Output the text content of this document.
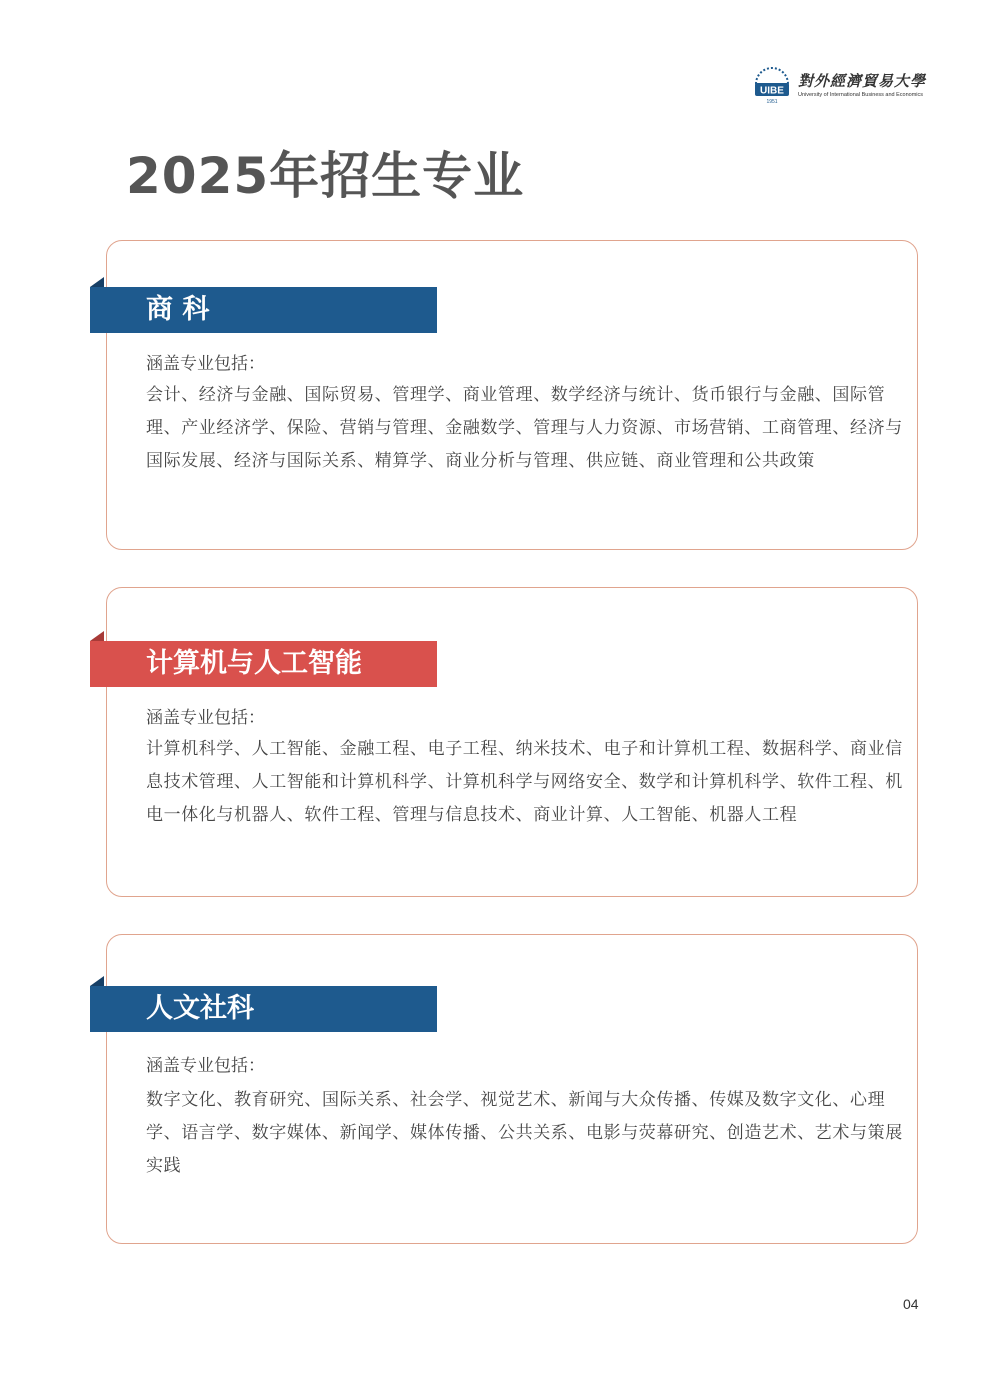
UIBE
1951
對外經濟貿易大學
University of International Business and Economics
2025年招生专业
商 科
涵盖专业包括：

会计、经济与金融、国际贸易、管理学、商业管理、数学经济与统计、货币银行与金融、国际管理、产业经济学、保险、营销与管理、金融数学、管理与人力资源、市场营销、工商管理、经济与国际发展、经济与国际关系、精算学、商业分析与管理、供应链、商业管理和公共政策

计算机与人工智能
涵盖专业包括：

计算机科学、人工智能、金融工程、电子工程、纳米技术、电子和计算机工程、数据科学、商业信息技术管理、人工智能和计算机科学、计算机科学与网络安全、数学和计算机科学、软件工程、机电一体化与机器人、软件工程、管理与信息技术、商业计算、人工智能、机器人工程

人文社科
涵盖专业包括：

数字文化、教育研究、国际关系、社会学、视觉艺术、新闻与大众传播、传媒及数字文化、心理学、语言学、数字媒体、新闻学、媒体传播、公共关系、电影与荧幕研究、创造艺术、艺术与策展实践

04
